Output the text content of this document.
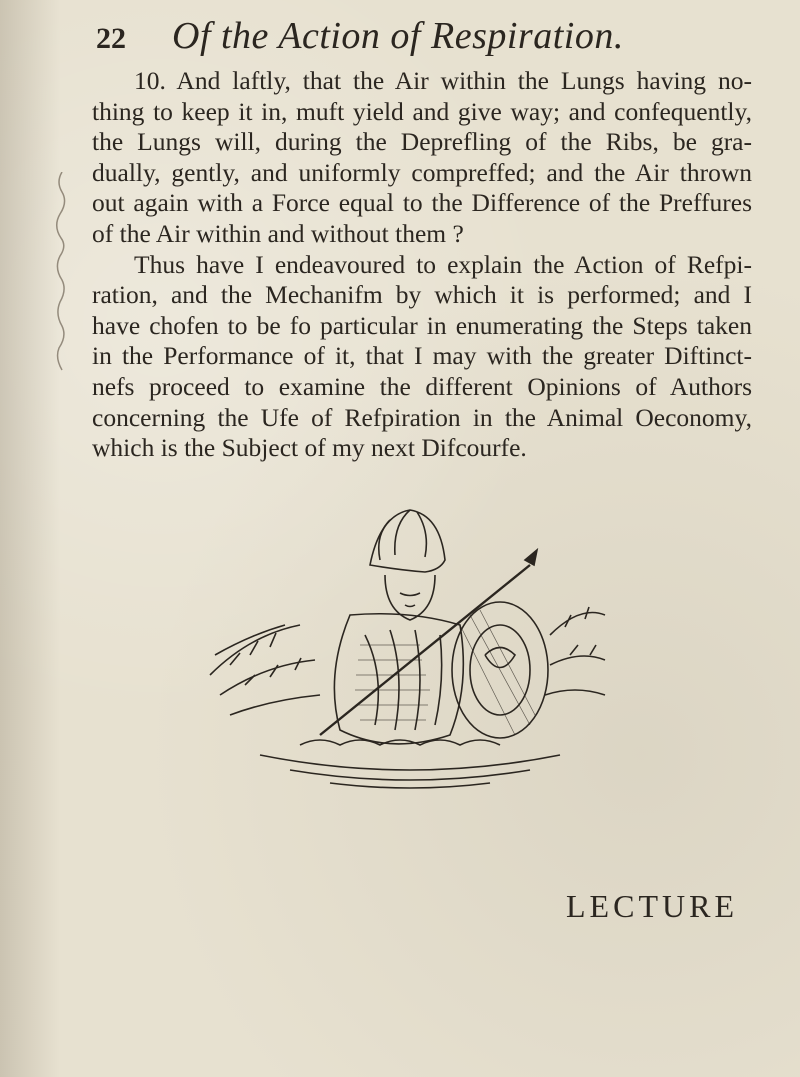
22 Of the Action of Respiration.
10. And laftly, that the Air within the Lungs having no-
thing to keep it in, muft yield and give way; and confequently,
the Lungs will, during the Deprefling of the Ribs, be gra-
dually, gently, and uniformly compreffed; and the Air thrown
out again with a Force equal to the Difference of the Preffures
of the Air within and without them ?
Thus have I endeavoured to explain the Action of Refpi-
ration, and the Mechanifm by which it is performed; and I
have chofen to be fo particular in enumerating the Steps taken
in the Performance of it, that I may with the greater Diftinct-
nefs proceed to examine the different Opinions of Authors
concerning the Ufe of Refpiration in the Animal Oeconomy,
which is the Subject of my next Difcourfe.
LECTURE
